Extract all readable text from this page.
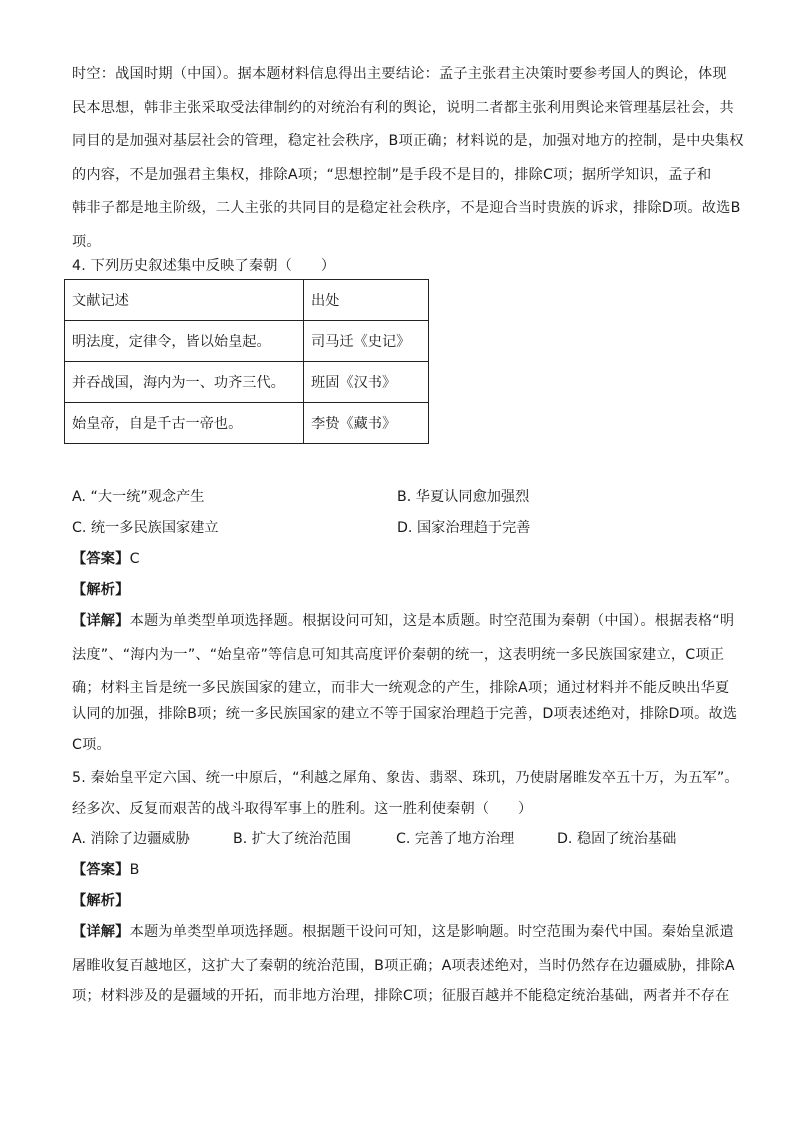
时空：战国时期（中国）。据本题材料信息得出主要结论：孟子主张君主决策时要参考国人的舆论，体现
民本思想，韩非主张采取受法律制约的对统治有利的舆论，说明二者都主张利用舆论来管理基层社会，共
同目的是加强对基层社会的管理，稳定社会秩序，B项正确；材料说的是，加强对地方的控制，是中央集权
的内容，不是加强君主集权，排除A项；“思想控制”是手段不是目的，排除C项；据所学知识，孟子和
韩非子都是地主阶级，二人主张的共同目的是稳定社会秩序，不是迎合当时贵族的诉求，排除D项。故选B
项。
4. 下列历史叙述集中反映了秦朝（　　）
文献记述	出处
明法度，定律令，皆以始皇起。	司马迁《史记》
并吞战国，海内为一、功齐三代。	班固《汉书》
始皇帝，自是千古一帝也。	李贽《藏书》
A. “大一统”观念产生	B. 华夏认同愈加强烈
C. 统一多民族国家建立	D. 国家治理趋于完善
【答案】C
【解析】
【详解】本题为单类型单项选择题。根据设问可知，这是本质题。时空范围为秦朝（中国）。根据表格“明
法度”、“海内为一”、“始皇帝”等信息可知其高度评价秦朝的统一，这表明统一多民族国家建立，C项正
确；材料主旨是统一多民族国家的建立，而非大一统观念的产生，排除A项；通过材料并不能反映出华夏
认同的加强，排除B项；统一多民族国家的建立不等于国家治理趋于完善，D项表述绝对，排除D项。故选
C项。
5. 秦始皇平定六国、统一中原后，“利越之犀角、象齿、翡翠、珠玑，乃使尉屠睢发卒五十万，为五军”。
经多次、反复而艰苦的战斗取得军事上的胜利。这一胜利使秦朝（　　）
A. 消除了边疆威胁	B. 扩大了统治范围	C. 完善了地方治理	D. 稳固了统治基础
【答案】B
【解析】
【详解】本题为单类型单项选择题。根据题干设问可知，这是影响题。时空范围为秦代中国。秦始皇派遣
屠睢收复百越地区，这扩大了秦朝的统治范围，B项正确；A项表述绝对，当时仍然存在边疆威胁，排除A
项；材料涉及的是疆域的开拓，而非地方治理，排除C项；征服百越并不能稳定统治基础，两者并不存在
